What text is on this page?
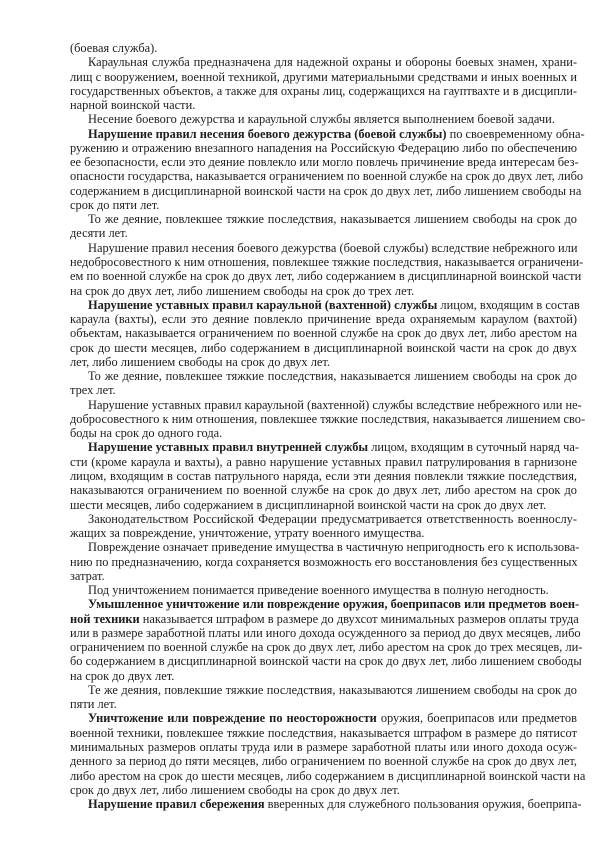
(боевая служба).
Караульная служба предназначена для надежной охраны и обороны боевых знамен, храни-
лищ с вооружением, военной техникой, другими материальными средствами и иных военных и
государственных объектов, а также для охраны лиц, содержащихся на гауптвахте и в дисципли-
нарной воинской части.
Несение боевого дежурства и караульной службы является выполнением боевой задачи.
Нарушение правил несения боевого дежурства (боевой службы) по своевременному обна-
ружению и отражению внезапного нападения на Российскую Федерацию либо по обеспечению
ее безопасности, если это деяние повлекло или могло повлечь причинение вреда интересам без-
опасности государства, наказывается ограничением по военной службе на срок до двух лет, либо
содержанием в дисциплинарной воинской части на срок до двух лет, либо лишением свободы на
срок до пяти лет.
То же деяние, повлекшее тяжкие последствия, наказывается лишением свободы на срок до
десяти лет.
Нарушение правил несения боевого дежурства (боевой службы) вследствие небрежного или
недобросовестного к ним отношения, повлекшее тяжкие последствия, наказывается ограничени-
ем по военной службе на срок до двух лет, либо содержанием в дисциплинарной воинской части
на срок до двух лет, либо лишением свободы на срок до трех лет.
Нарушение уставных правил караульной (вахтенной) службы лицом, входящим в состав
караула (вахты), если это деяние повлекло причинение вреда охраняемым караулом (вахтой)
объектам, наказывается ограничением по военной службе на срок до двух лет, либо арестом на
срок до шести месяцев, либо содержанием в дисциплинарной воинской части на срок до двух
лет, либо лишением свободы на срок до двух лет.
То же деяние, повлекшее тяжкие последствия, наказывается лишением свободы на срок до
трех лет.
Нарушение уставных правил караульной (вахтенной) службы вследствие небрежного или не-
добросовестного к ним отношения, повлекшее тяжкие последствия, наказывается лишением сво-
боды на срок до одного года.
Нарушение уставных правил внутренней службы лицом, входящим в суточный наряд ча-
сти (кроме караула и вахты), а равно нарушение уставных правил патрулирования в гарнизоне
лицом, входящим в состав патрульного наряда, если эти деяния повлекли тяжкие последствия,
наказываются ограничением по военной службе на срок до двух лет, либо арестом на срок до
шести месяцев, либо содержанием в дисциплинарной воинской части на срок до двух лет.
Законодательством Российской Федерации предусматривается ответственность военнослу-
жащих за повреждение, уничтожение, утрату военного имущества.
Повреждение означает приведение имущества в частичную непригодность его к использова-
нию по предназначению, когда сохраняется возможность его восстановления без существенных
затрат.
Под уничтожением понимается приведение военного имущества в полную негодность.
Умышленное уничтожение или повреждение оружия, боеприпасов или предметов воен-
ной техники наказывается штрафом в размере до двухсот минимальных размеров оплаты труда
или в размере заработной платы или иного дохода осужденного за период до двух месяцев, либо
ограничением по военной службе на срок до двух лет, либо арестом на срок до трех месяцев, ли-
бо содержанием в дисциплинарной воинской части на срок до двух лет, либо лишением свободы
на срок до двух лет.
Те же деяния, повлекшие тяжкие последствия, наказываются лишением свободы на срок до
пяти лет.
Уничтожение или повреждение по неосторожности оружия, боеприпасов или предметов
военной техники, повлекшее тяжкие последствия, наказывается штрафом в размере до пятисот
минимальных размеров оплаты труда или в размере заработной платы или иного дохода осуж-
денного за период до пяти месяцев, либо ограничением по военной службе на срок до двух лет,
либо арестом на срок до шести месяцев, либо содержанием в дисциплинарной воинской части на
срок до двух лет, либо лишением свободы на срок до двух лет.
Нарушение правил сбережения вверенных для служебного пользования оружия, боеприпа-
